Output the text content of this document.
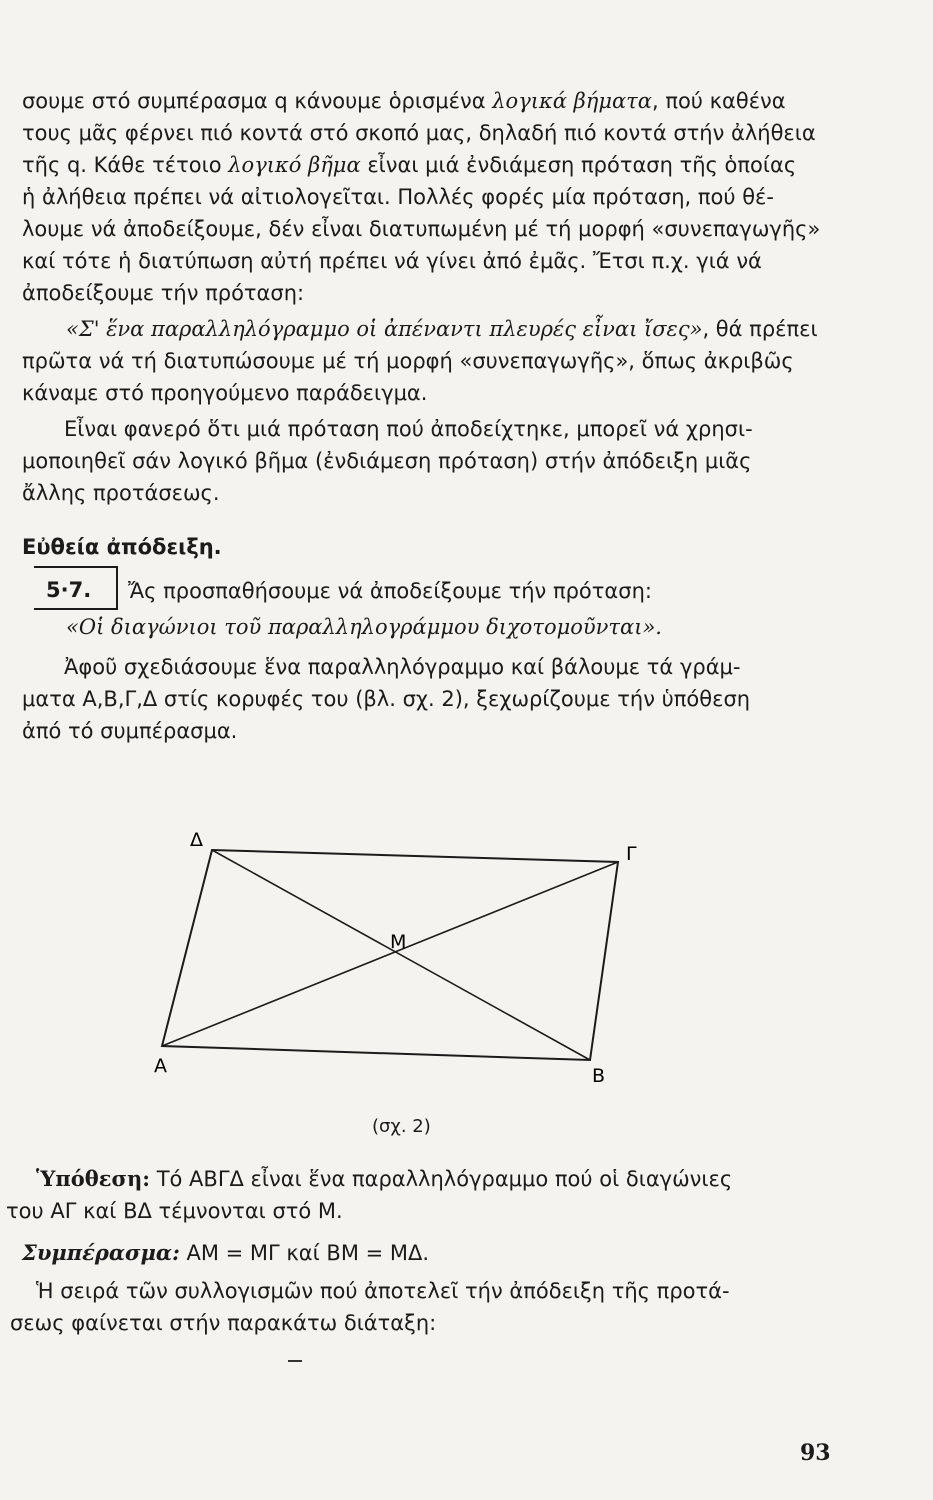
σουμε στό συμπέρασμα q κάνουμε ὁρισμένα λογικά βήματα, πού καθένα
τους μᾶς φέρνει πιό κοντά στό σκοπό μας, δηλαδή πιό κοντά στήν ἀλήθεια
τῆς q. Κάθε τέτοιο λογικό βῆμα εἶναι μιά ἐνδιάμεση πρόταση τῆς ὁποίας
ἡ ἀλήθεια πρέπει νά αἰτιολογεῖται. Πολλές φορές μία πρόταση, πού θέ-
λουμε νά ἀποδείξουμε, δέν εἶναι διατυπωμένη μέ τή μορφή «συνεπαγωγῆς»
καί τότε ἡ διατύπωση αὐτή πρέπει νά γίνει ἀπό ἐμᾶς. Ἔτσι π.χ. γιά νά
ἀποδείξουμε τήν πρόταση:
«Σ' ἕνα παραλληλόγραμμο οἱ ἀπέναντι πλευρές εἶναι ἴσες», θά πρέπει
πρῶτα νά τή διατυπώσουμε μέ τή μορφή «συνεπαγωγῆς», ὅπως ἀκριβῶς
κάναμε στό προηγούμενο παράδειγμα.
Εἶναι φανερό ὅτι μιά πρόταση πού ἀποδείχτηκε, μπορεῖ νά χρησι-
μοποιηθεῖ σάν λογικό βῆμα (ἐνδιάμεση πρόταση) στήν ἀπόδειξη μιᾶς
ἄλλης προτάσεως.
Εὐθεία ἀπόδειξη.
5·7. Ἄς προσπαθήσουμε νά ἀποδείξουμε τήν πρόταση:
«Οἱ διαγώνιοι τοῦ παραλληλογράμμου διχοτομοῦνται».
Ἀφοῦ σχεδιάσουμε ἕνα παραλληλόγραμμο καί βάλουμε τά γράμ-
ματα Α,Β,Γ,Δ στίς κορυφές του (βλ. σχ. 2), ξεχωρίζουμε τήν ὑπόθεση
ἀπό τό συμπέρασμα.
Δ
Γ
Α	Β
Μ
(σχ. 2)
Ὑπόθεση: Τό ΑΒΓΔ εἶναι ἕνα παραλληλόγραμμο πού οἱ διαγώνιες
του ΑΓ καί ΒΔ τέμνονται στό Μ.
Συμπέρασμα: ΑΜ = ΜΓ καί ΒΜ = ΜΔ.
Ἡ σειρά τῶν συλλογισμῶν πού ἀποτελεῖ τήν ἀπόδειξη τῆς προτά-
σεως φαίνεται στήν παρακάτω διάταξη:
93
